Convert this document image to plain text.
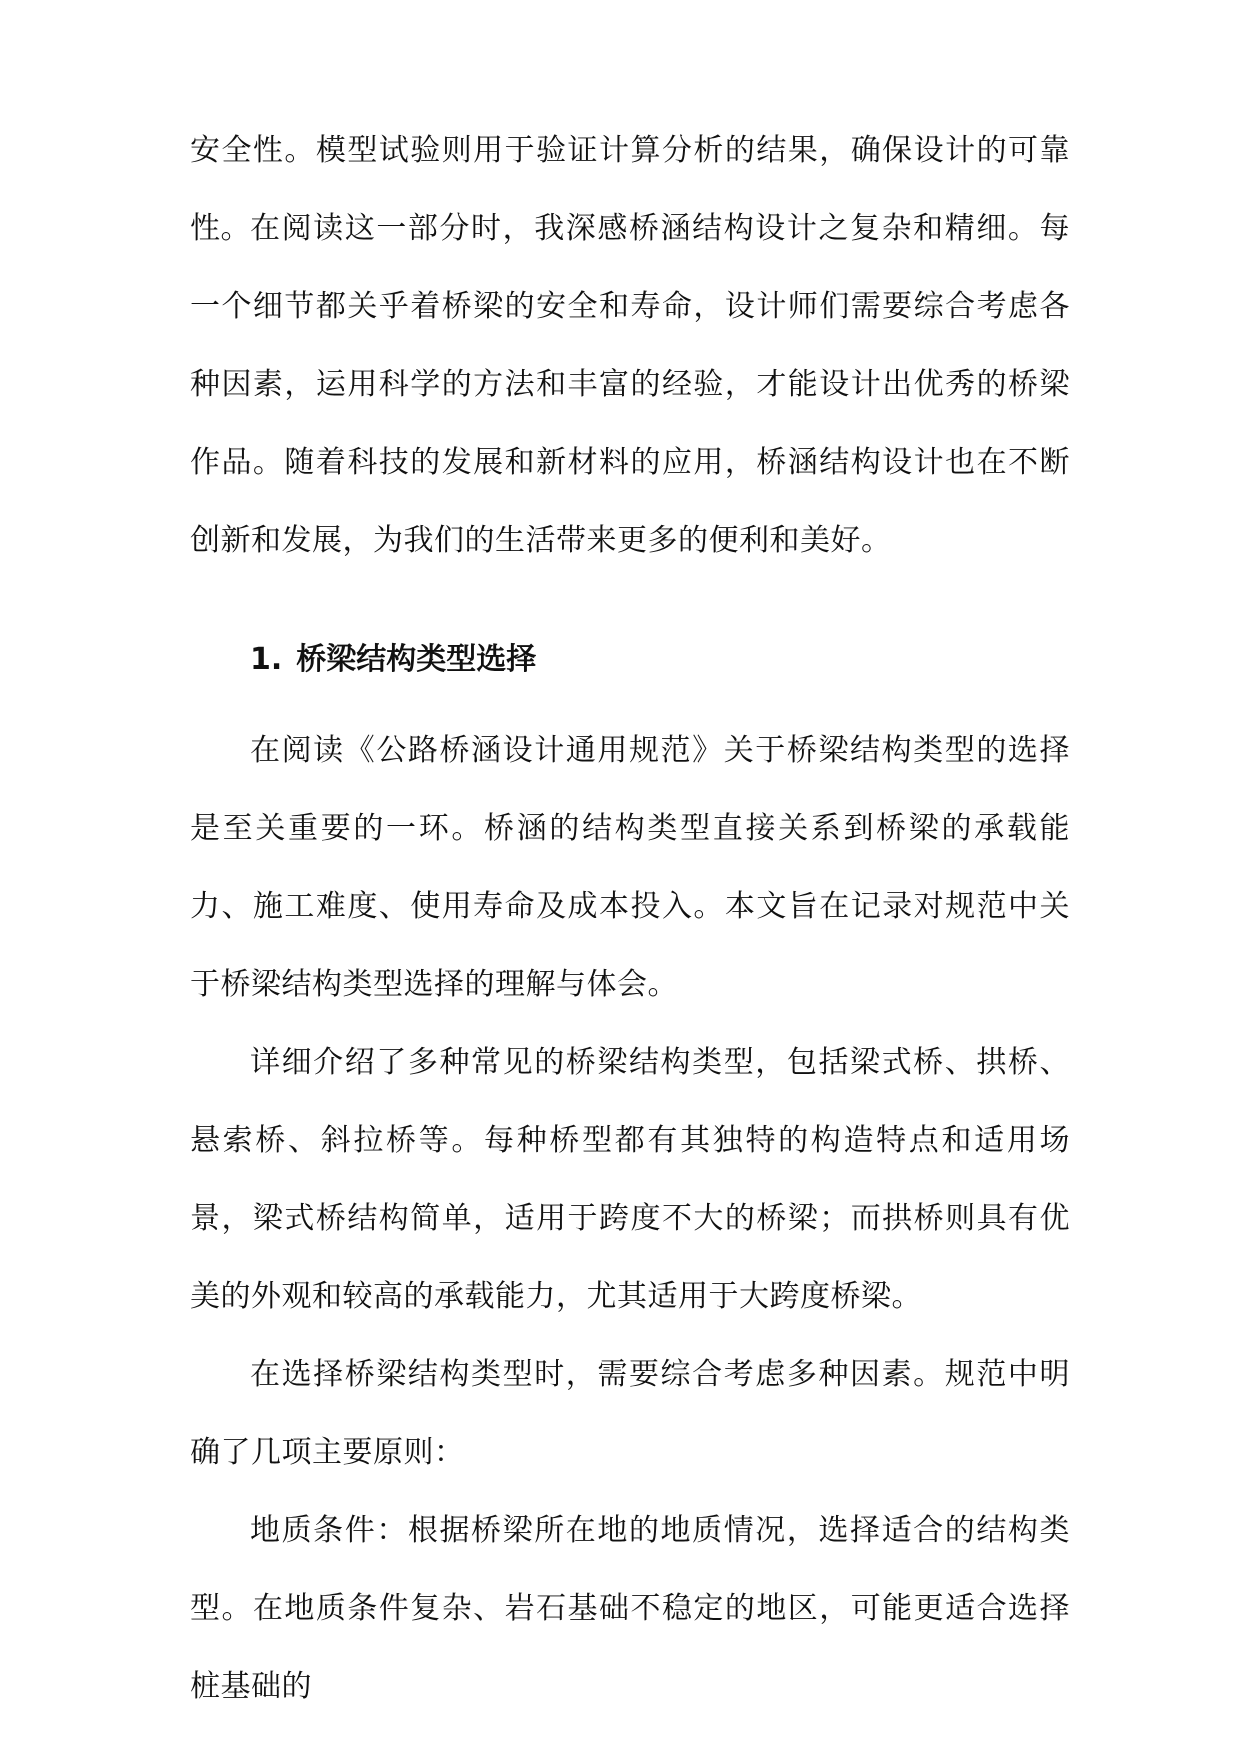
安全性。模型试验则用于验证计算分析的结果，确保设计的可靠性。 在阅读这一部分时，我深感桥涵结构设计之复杂和精细。每一个细节都关乎着桥梁的安全和寿命，设计师们需要综合考虑各种因素，运用科学的方法和丰富的经验，才能设计出优秀的桥梁作品。随着科技的发展和新材料的应用，桥涵结构设计也在不断创新和发展，为我们的生活带来更多的便利和美好。

1. 桥梁结构类型选择

在阅读《公路桥涵设计通用规范》关于桥梁结构类型的选择是至关重要的一环。桥涵的结构类型直接关系到桥梁的承载能力、施工难度、使用寿命及成本投入。本文旨在记录对规范中关于桥梁结构类型选择的理解与体会。

详细介绍了多种常见的桥梁结构类型，包括梁式桥、拱桥、悬索桥、斜拉桥等。每种桥型都有其独特的构造特点和适用场景，梁式桥结构简单，适用于跨度不大的桥梁；而拱桥则具有优美的外观和较高的承载能力，尤其适用于大跨度桥梁。

在选择桥梁结构类型时，需要综合考虑多种因素。规范中明确了几项主要原则：

地质条件：根据桥梁所在地的地质情况，选择适合的结构类型。在地质条件复杂、岩石基础不稳定的地区，可能更适合选择桩基础的
